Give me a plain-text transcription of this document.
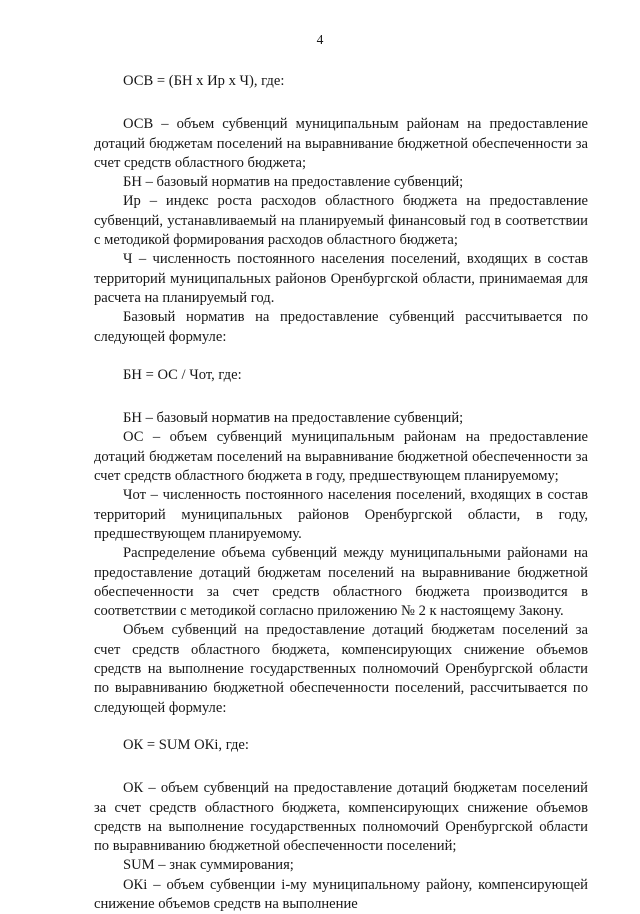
4
ОСВ = (БН х Ир х Ч), где:

ОСВ – объем субвенций муниципальным районам на предоставление дотаций бюджетам поселений на выравнивание бюджетной обеспеченности за счет средств областного бюджета;

БН – базовый норматив на предоставление субвенций;

Ир – индекс роста расходов областного бюджета на предоставление субвенций, устанавливаемый на планируемый финансовый год в соответствии с методикой формирования расходов областного бюджета;

Ч – численность постоянного населения поселений, входящих в состав территорий муниципальных районов Оренбургской области, принимаемая для расчета на планируемый год.

Базовый норматив на предоставление субвенций рассчитывается по следующей формуле:

БН = ОС / Чот, где:

БН – базовый норматив на предоставление субвенций;

ОС – объем субвенций муниципальным районам на предоставление дотаций бюджетам поселений на выравнивание бюджетной обеспеченности за счет средств областного бюджета в году, предшествующем планируемому;

Чот – численность постоянного населения поселений, входящих в состав территорий муниципальных районов Оренбургской области, в году, предшествующем планируемому.

Распределение объема субвенций между муниципальными районами на предоставление дотаций бюджетам поселений на выравнивание бюджетной обеспеченности за счет средств областного бюджета производится в соответствии с методикой согласно приложению № 2 к настоящему Закону.

Объем субвенций на предоставление дотаций бюджетам поселений за счет средств областного бюджета, компенсирующих снижение объемов средств на выполнение государственных полномочий Оренбургской области по выравниванию бюджетной обеспеченности поселений, рассчитывается по следующей формуле:

ОК = SUM ОКi, где:

ОК – объем субвенций на предоставление дотаций бюджетам поселений за счет средств областного бюджета, компенсирующих снижение объемов средств на выполнение государственных полномочий Оренбургской области по выравниванию бюджетной обеспеченности поселений;

SUM – знак суммирования;

ОКi – объем субвенции i-му муниципальному району, компенсирующей снижение объемов средств на выполнение
